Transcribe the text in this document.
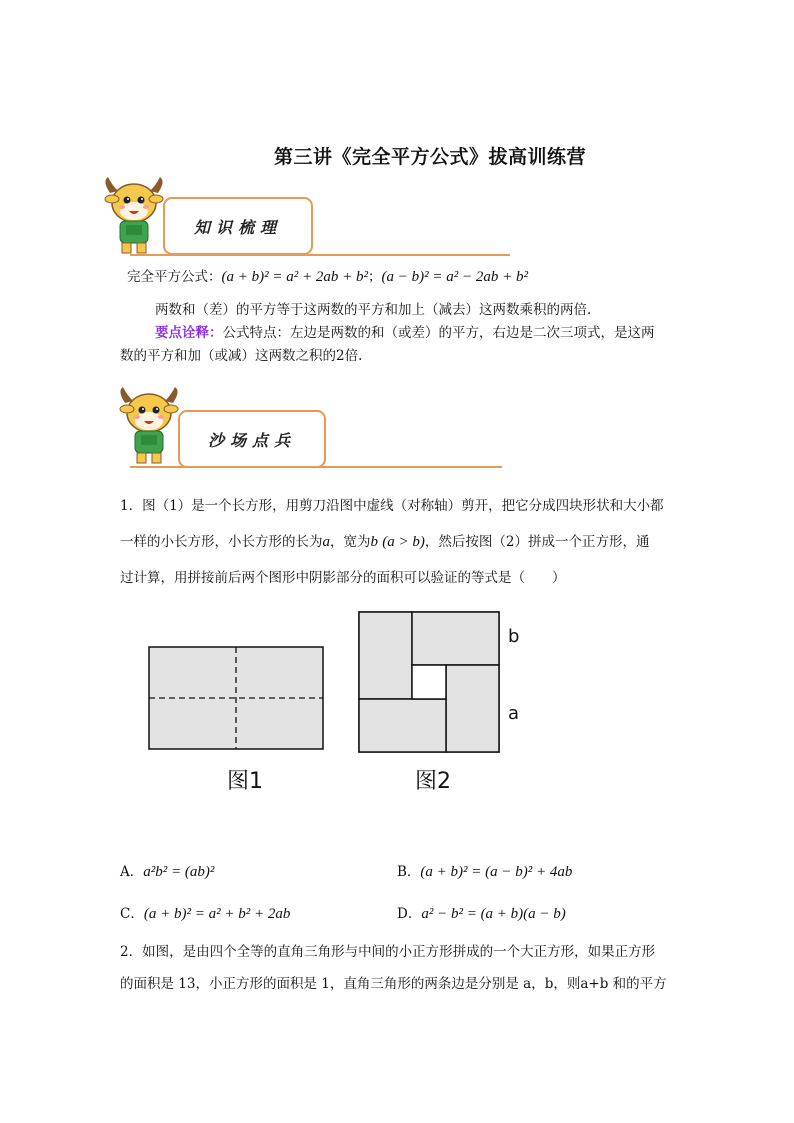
第三讲《完全平方公式》拔高训练营
知识梳理
完全平方公式：(a + b)² = a² + 2ab + b²；(a − b)² = a² − 2ab + b²
两数和（差）的平方等于这两数的平方和加上（减去）这两数乘积的两倍.
要点诠释：公式特点：左边是两数的和（或差）的平方，右边是二次三项式，是这两
数的平方和加（或减）这两数之积的2倍.
沙场点兵
1．图（1）是一个长方形，用剪刀沿图中虚线（对称轴）剪开，把它分成四块形状和大小都
一样的小长方形，小长方形的长为a，宽为b (a > b)，然后按图（2）拼成一个正方形，通
过计算，用拼接前后两个图形中阴影部分的面积可以验证的等式是（　　）
图1
b
a
图2
A．a²b² = (ab)²	B．(a + b)² = (a − b)² + 4ab
C．(a + b)² = a² + b² + 2ab	D．a² − b² = (a + b)(a − b)
2．如图，是由四个全等的直角三角形与中间的小正方形拼成的一个大正方形，如果正方形
的面积是 13，小正方形的面积是 1，直角三角形的两条边是分别是 a，b，则a+b 和的平方
